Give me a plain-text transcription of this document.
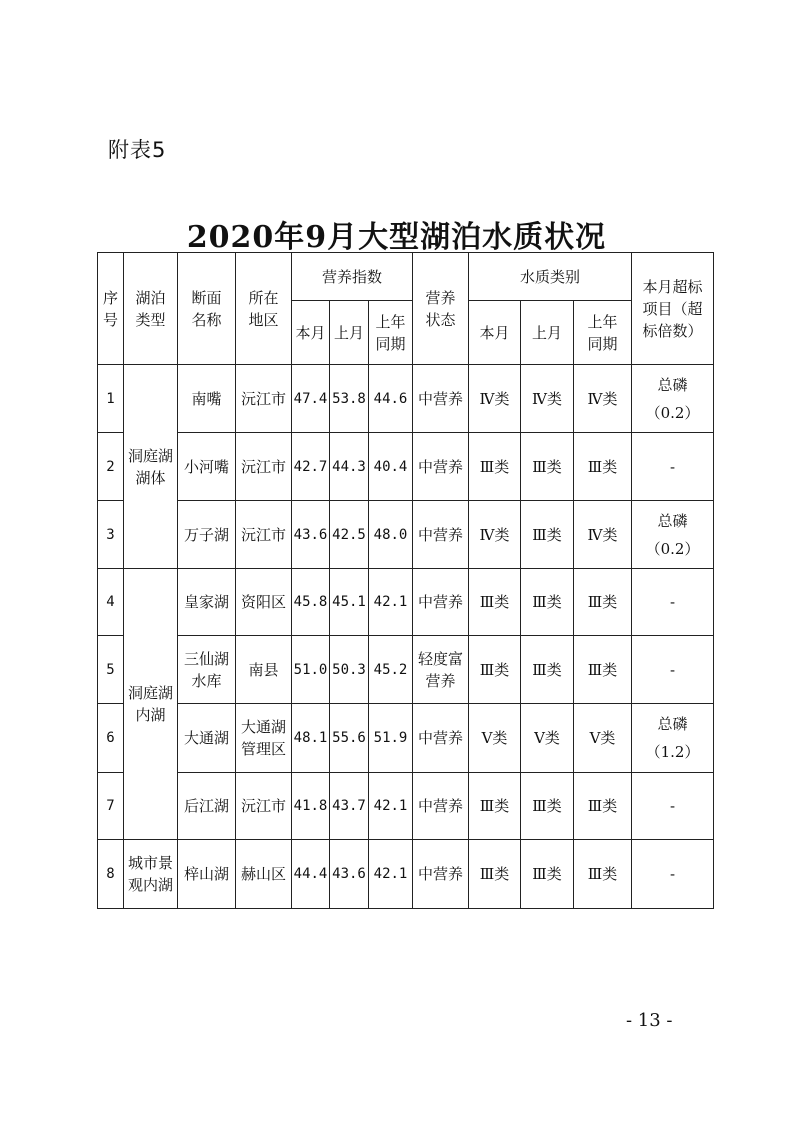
附表5
2020年9月大型湖泊水质状况
序号	湖泊类型	断面名称	所在地区	营养指数			营养状态	水质类别			本月超标项目（超标倍数）
				本月	上月	上年同期		本月	上月	上年同期	
1	洞庭湖湖体	南嘴	沅江市	47.4	53.8	44.6	中营养	Ⅳ类	Ⅳ类	Ⅳ类	总磷（0.2）
2		小河嘴	沅江市	42.7	44.3	40.4	中营养	Ⅲ类	Ⅲ类	Ⅲ类	-
3		万子湖	沅江市	43.6	42.5	48.0	中营养	Ⅳ类	Ⅲ类	Ⅳ类	总磷（0.2）
4	洞庭湖内湖	皇家湖	资阳区	45.8	45.1	42.1	中营养	Ⅲ类	Ⅲ类	Ⅲ类	-
5		三仙湖水库	南县	51.0	50.3	45.2	轻度富营养	Ⅲ类	Ⅲ类	Ⅲ类	-
6		大通湖	大通湖管理区	48.1	55.6	51.9	中营养	Ⅴ类	Ⅴ类	Ⅴ类	总磷（1.2）
7		后江湖	沅江市	41.8	43.7	42.1	中营养	Ⅲ类	Ⅲ类	Ⅲ类	-
8	城市景观内湖	梓山湖	赫山区	44.4	43.6	42.1	中营养	Ⅲ类	Ⅲ类	Ⅲ类	-
- 13 -
